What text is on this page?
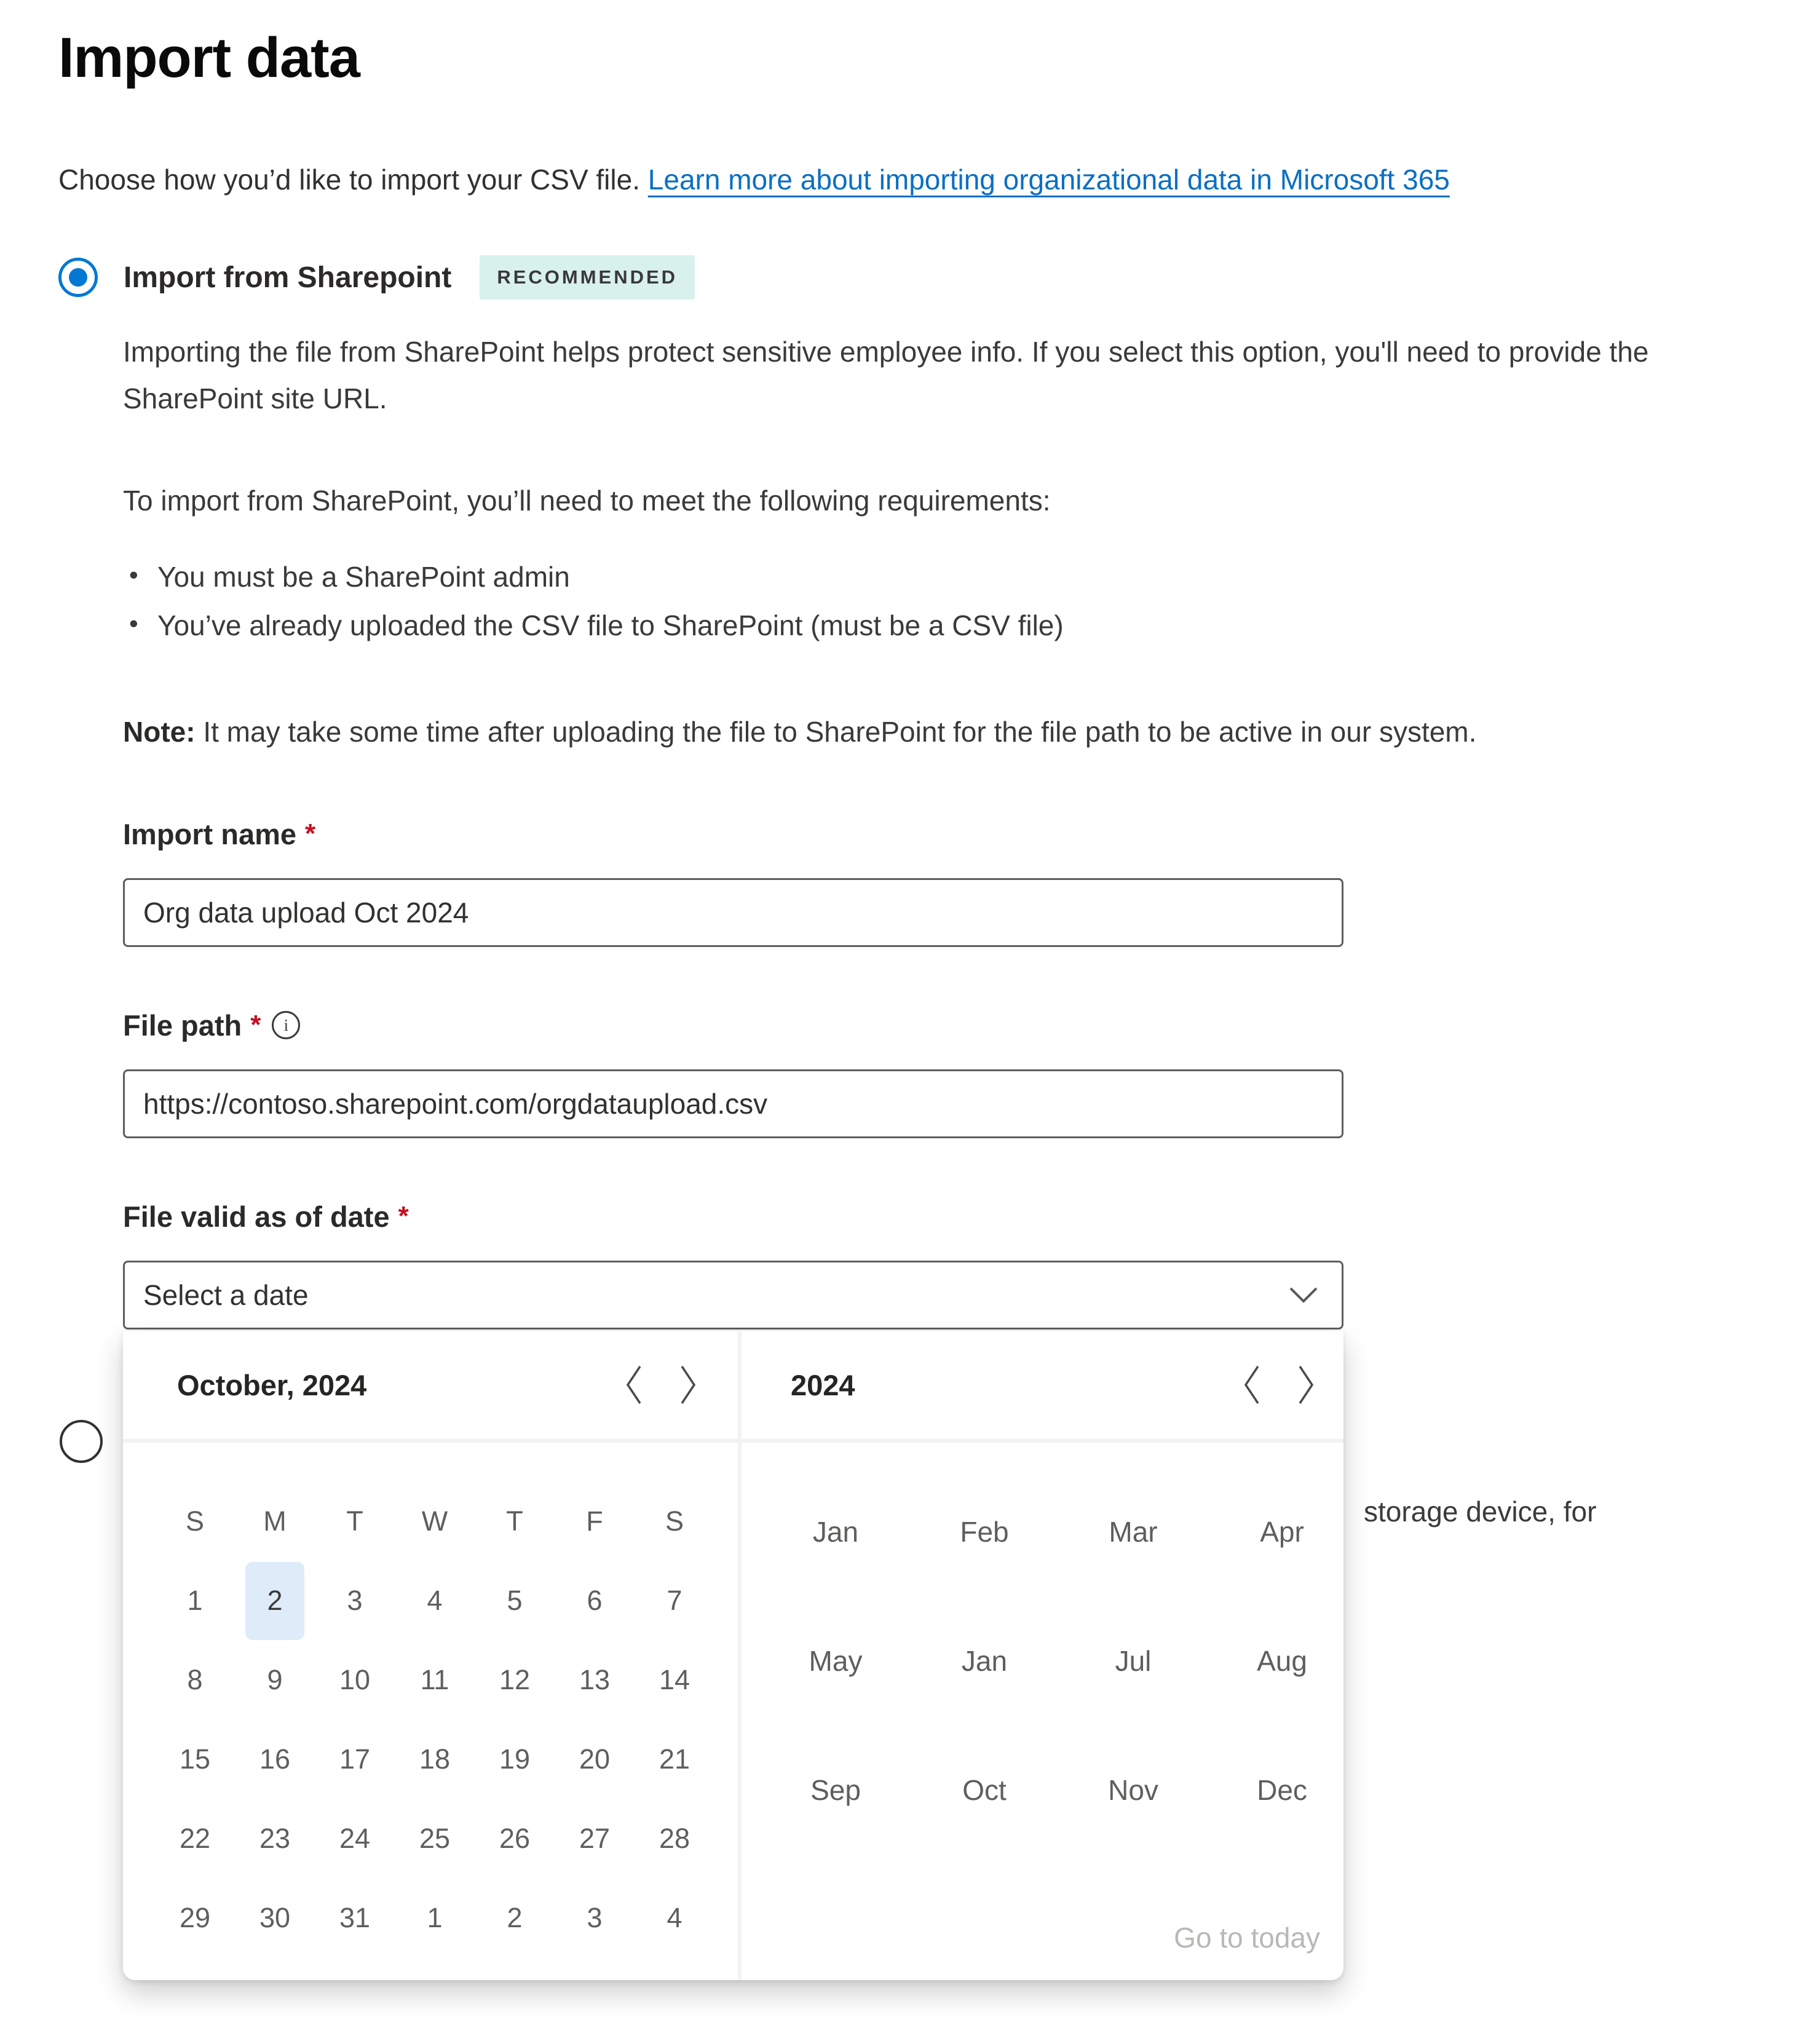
Import data
Choose how you’d like to import your CSV file. Learn more about importing organizational data in Microsoft 365
Import from Sharepoint	RECOMMENDED

Importing the file from SharePoint helps protect sensitive employee info. If you select this option, you'll need to provide the SharePoint site URL.

To import from SharePoint, you’ll need to meet the following requirements:

• You must be a SharePoint admin
• You’ve already uploaded the CSV file to SharePoint (must be a CSV file)

Note: It may take some time after uploading the file to SharePoint for the file path to be active in our system.

Import name *
Org data upload Oct 2024
File path *	i
https://contoso.sharepoint.com/orgdataupload.csv
File valid as of date *
Select a date
storage device, for
October, 2024
S	M	T	W	T	F	S
1	2	3	4	5	6	7
8	9	10	11	12	13	14
15	16	17	18	19	20	21
22	23	24	25	26	27	28
29	30	31	1	2	3	4
2024
Jan	Feb	Mar	Apr
May	Jan	Jul	Aug
Sep	Oct	Nov	Dec
Go to today
